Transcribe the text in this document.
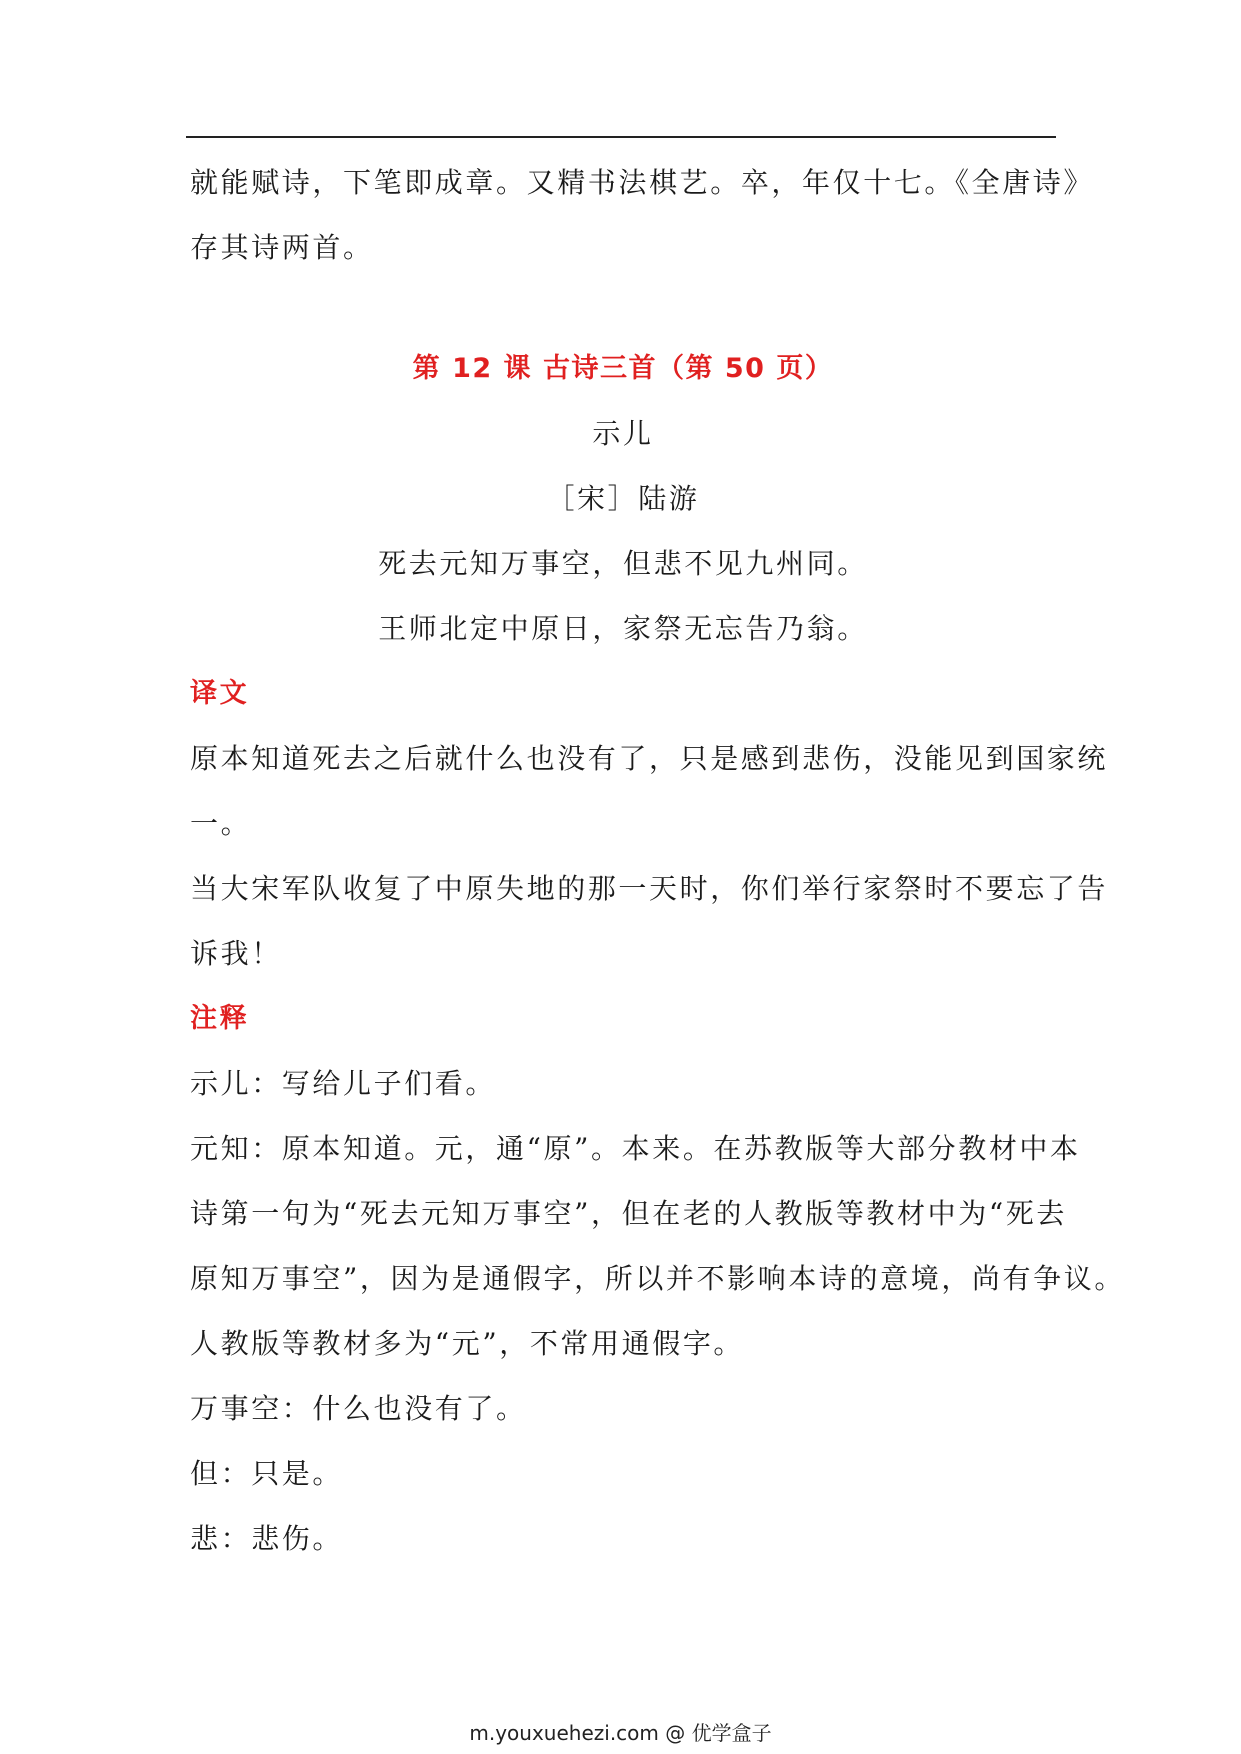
就能赋诗，下笔即成章。又精书法棋艺。卒，年仅十七。《全唐诗》

存其诗两首。

第 12 课 古诗三首（第 50 页）

示儿

［宋］陆游

死去元知万事空，但悲不见九州同。

王师北定中原日，家祭无忘告乃翁。

译文

原本知道死去之后就什么也没有了，只是感到悲伤，没能见到国家统

一。

当大宋军队收复了中原失地的那一天时，你们举行家祭时不要忘了告

诉我！

注释

示儿：写给儿子们看。

元知：原本知道。元，通“原”。本来。在苏教版等大部分教材中本

诗第一句为“死去元知万事空”，但在老的人教版等教材中为“死去

原知万事空”，因为是通假字，所以并不影响本诗的意境，尚有争议。

人教版等教材多为“元”，不常用通假字。

万事空：什么也没有了。

但：只是。

悲：悲伤。

m.youxuehezi.com @ 优学盒子
